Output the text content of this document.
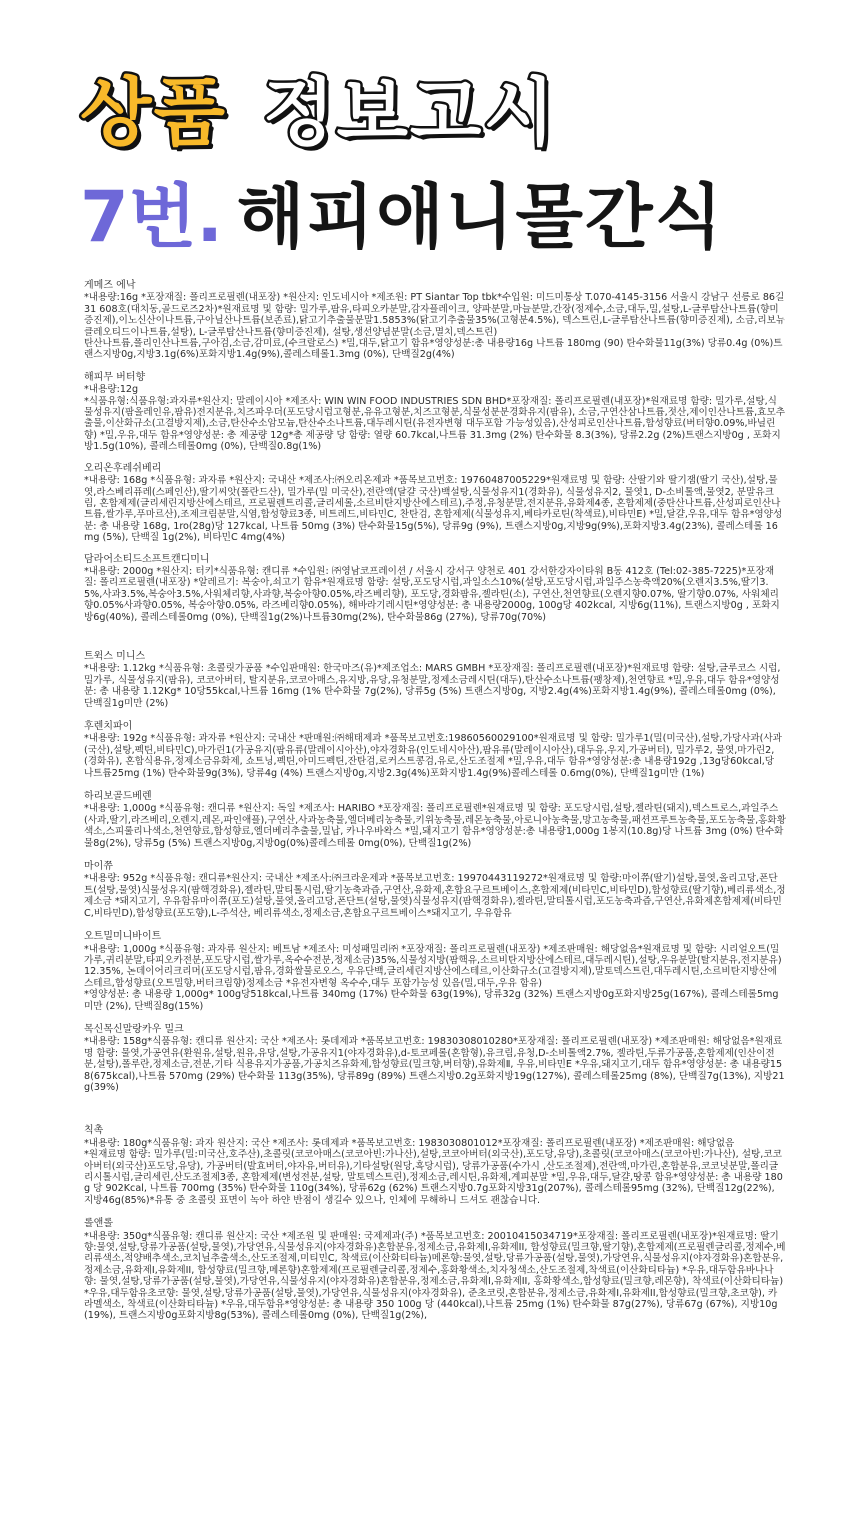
상품 정보고시
7번. 해피애니몰간식
게메즈 에낙
*내용량:16g *포장재질: 폴리프로필렌(내포장) *원산지: 인도네시아 *제조원: PT Siantar Top tbk*수입원: 미드미통상 T.070-4145-3156 서울시 강남구 선릉로 86길 31 608호(대치동,골드로즈2차)*원재료명 및 함량: 밀가루,팜유,타피오카분말,감자플레이크, 양파분말,마늘분말,간장(정제수,소금,대두,밀,설탕,L-글루탐산나트륨(향미증진제),이노신산이나트륨,구아닐산나트륨(보존료),닭고기추출물분말1.5853%(닭고기추출물35%(고형분4.5%), 덱스트린,L-글루탐산나트륨(향미증진제), 소금,리보뉴클레오티드이나트륨,설탕), L-글루탐산나트륨(향미증진제), 설탕,생선양념분말(소금,멸치,덱스트린)
탄산나트륨,폴리인산나트륨,구아검,소금,감미료,(수크랄로스) *밀,대두,닭고기 함유*영양성분:총 내용량16g 나트륨 180mg (90) 탄수화물11g(3%) 당류0.4g (0%)트랜스지방0g,지방3.1g(6%)포화지방1.4g(9%),콜레스테롤1.3mg (0%), 단백질2g(4%)
해피무 버터향
*내용량:12g
*식품유형:식품유형:과자류*원산지: 말레이시아 *제조사: WIN WIN FOOD INDUSTRIES SDN BHD*포장재질: 폴리프로필렌(내포장)*원재료명 함량: 밀가루,설탕,식물성유지(팜올레인유,팜유)전지분유,치즈파우더(포도당시럽고형분,유유고형분,치즈고형분,식물성분분경화유지(팜유), 소금,구연산삼나트륨,젓산,제이인산나트륨,효모추출물,이산화규소(고결방지제),소금,탄산수소암모늄,탄산수소나트륨,대두레시틴(유전자변형 대두포함 가능성있음),산성피로인산나트륨,합성향료(버터향0.09%,바닐린향) *밀,우유,대두 함유*영양성분: 총 제공량 12g*총 제공량 당 함량: 열량 60.7kcal,나트륨 31.3mg (2%) 탄수화물 8.3(3%), 당류2.2g (2%)트랜스지방0g , 포화지방1.5g(10%), 콜레스테롤0mg (0%), 단백질0.8g(1%)
오리온후레쉬베리
*내용량: 168g *식품유형: 과자류 *원산지: 국내산 *제조사:㈜오리온제과 *품목보고번호: 19760487005229*원재료명 및 함량: 산딸기와 딸기잼(딸기 국산),설탕,물엿,라스베리퓨레(스페인산),딸기씨앗(폴란드산), 밀가루(밀 미국산),전란액(달걀 국산)백설탕,식물성유지1(경화유), 식물성유지2, 물엿1, D-소비톨액,물엿2, 분말유크림, 혼합제제(글리세린지방산에스테르, 프로필렌트리콜,글리세롤,소르비탄지방산에스테르),주정,유청분말,전지분유,유화제4종, 혼합제제(중탄산나트륨,산성피로인산나트륨,쌀가루,푸마르산),조제크림분말,식염,합성향료3종, 비트레드,비타민C, 찬탄검, 혼합제제(식물성유지,베타카로틴(착색료),비타민E) *밀,달걀,우유,대두 함유*영양성분: 총 내용량 168g, 1ro(28g)당 127kcal, 나트륨 50mg (3%) 탄수화물15g(5%), 당류9g (9%), 트랜스지방0g,지방9g(9%),포화지방3.4g(23%), 콜레스테롤 16mg (5%), 단백질 1g(2%), 비타민C 4mg(4%)
담라어소티드소프트캔디미니
*내용량: 2000g *원산지: 터키*식품유형: 캔디류 *수입원: ㈜영남코프레이션 / 서울시 강서구 양천로 401 강서한강자이타워 B동 412호 (Tel:02-385-7225)*포장재질: 폴리프로필렌(내포장) *알레르기: 복숭아,쇠고기 함유*원재료명 함량: 설탕,포도당시럽,과일소스10%(설탕,포도당시럽,과일주스농축액20%(오렌지3.5%,딸기3.5%,사과3.5%,복숭아3.5%,사워체리향,사과향,복숭아향0.05%,라즈베리향), 포도당,경화팜유,젤라틴(소), 구연산,천연향료(오렌지향0.07%, 딸기향0.07%, 사워체리향0.05%사과향0.05%, 복숭아향0.05%, 라즈베리향0.05%), 해바라기레시틴*영양성분: 총 내용량2000g, 100g당 402kcal, 지방6g(11%), 트랜스지방0g , 포화지방6g(40%), 콜레스테롤0mg (0%), 단백질1g(2%)나트륨30mg(2%), 탄수화물86g (27%), 당류70g(70%)
트윅스 미니스
*내용량: 1.12kg *식품유형: 초콜릿가공품 *수입판매원: 한국마즈(유)*제조업소: MARS GMBH *포장재질: 폴리프로필렌(내포장)*원재료명 함량: 설탕,글루코스 시럽, 밀가루, 식물성유지(팜유), 코코아버터, 탈지분유,코코아매스,유지방,유당,유청분말,정제소금레시틴(대두),탄산수소나트륨(팽창제),천연향료 *밀,우유,대두 함유*영양성분: 총 내용량 1.12Kg* 10당55kcal,나트륨 16mg (1% 탄수화물 7g(2%), 당류5g (5%) 트랜스지방0g, 지방2.4g(4%)포화지방1.4g(9%), 콜레스테롤0mg (0%), 단백질1g미만 (2%)
후렌치파이
*내용량: 192g *식품유형: 과자류 *원산지: 국내산 *판매원:㈜해태제과 *품목보고번호:19860560029100*원재료명 및 함량: 밀가루1(밀(미국산),설탕,가당사과(사과(국산),설탕,펙틴,비타민C),마가린1(가공유지(팜유류(말레이시아산),야자경화유(인도네시아산),팜유류(말레이시아산),대두유,우지,가공버터), 밀가루2, 물엿,마가린2, (경화유), 혼합식용유,정제소금유화제, 쇼트닝,펙틴,아미드펙틴,잔탄검,로커스트콩검,유로,산도조절제 *밀,우유,대두 함유*영양성분:총 내용량192g ,13g당60kcal,당 나트륨25mg (1%) 탄수화물9g(3%), 당류4g (4%) 트랜스지방0g,지방2.3g(4%)포화지방1.4g(9%)콜레스테롤 0.6mg(0%), 단백질1g미만 (1%)
하리보골드베렌
*내용량: 1,000g *식품유형: 캔디류 *원산지: 독일 *제조사: HARIBO *포장재질: 폴리프로필렌*원재료명 및 함량: 포도당시럽,설탕,젤라틴(돼지),덱스트로스,과일주스(사과,딸기,라즈베리,오렌지,레몬,파인애플),구연산,사과농축물,엘더베리농축물,키위농축물,레몬농축물,아로니아농축물,망고농축물,패션프루트농축물,포도농축물,홍화황색소,스피룰리나색소,천연향료,합성향료,엘더베리추출물,밀납, 카나우바왁스 *밀,돼지고기 함유*영양성분:총 내용량1,000g 1봉지(10.8g)당 나트륨 3mg (0%) 탄수화물8g(2%), 당류5g (5%) 트랜스지방0g,지방0g(0%)콜레스테롤 0mg(0%), 단백질1g(2%)
마이쮸
*내용량: 952g *식품유형: 캔디류*원산지: 국내산 *제조사:㈜크라운제과 *품목보고번호: 19970443119272*원재료명 및 함량:마이쮸(딸기)설탕,물엿,올리고당,폰단트(설탕,물엿)식물성유지(팜핵경화유),젤라틴,말티톨시럽,딸기농축과즙,구연산,유화제,혼합요구르트베이스,혼합제제(비타민C,비타민D),합성향료(딸기향),베리류색소,정제소금 *돼지고기, 우유함유마이쮸(포도)설탕,물엿,올리고당,폰단트(설탕,물엿)식물성유지(팜핵경화유),젤라틴,말티톨시럽,포도농축과즙,구연산,유화제혼합제제(비타민C,비타민D),합성향료(포도향),L-주석산, 베리류색소,정제소금,혼합요구르트베이스*돼지고기, 우유함유
오트밀미니바이트
*내용량: 1,000g *식품유형: 과자류 원산지: 베트남 *제조사: 미성패밀리㈜ *포장재질: 폴리프로필렌(내포장) *제조판매원: 해당없음*원재료명 및 함량: 시리얼오트(밀가루,귀리분말,타피오카전분,포도당시럽,쌀가루,옥수수전분,정제소금)35%,식물성지방(팜핵유,소르비탄지방산에스테르,대두레시틴),설탕,우유분말(탈지분유,전지분유)12.35%, 논데이어리크리머(포도당시럽,팜유,경화쌀물로오스, 우유단백,글리세린지방산에스테르,이산화규소(고결방지제),말토덱스트린,대두레시틴,소르비탄지방산에스테르,합성향료(오트밀향,버터크림향)정제소금 *유전자변형 옥수수,대두 포함가능성 있음(밀,대두,우유 함유)
*영양성분: 총 내용량 1,000g* 100g당518kcal,나트륨 340mg (17%) 탄수화물 63g(19%), 당류32g (32%) 트랜스지방0g포화지방25g(167%), 콜레스테롤5mg미만 (2%), 단백질8g(15%)
목신목신말랑카우 밀크
*내용량: 158g*식품유형: 캔디류 원산지: 국산 *제조사: 롯데제과 *품목보고번호: 19830308010280*포장재질: 폴리프로필렌(내포장) *제조판매원: 해당없음*원재료명 함량: 물엿,가공연유(환원유,설탕,원유,유당,설탕,가공유지1(야자경화유),d-토코페롤(혼합형),유크림,유청,D-소비톨액2.7%, 젤라틴,두류가공품,혼합제제(인산이전분,설탕),폴루란,정제소금,전분,기타 식용유지가공품,가공치즈유화제,합성향료(밀크향,버터향),유화제Ⅱ, 우유,비타민E *우유,돼지고기,대두 함유*영양성분: 총 내용량158(675kcal),나트륨 570mg (29%) 탄수화물 113g(35%), 당류89g (89%) 트랜스지방0.2g포화지방19g(127%), 콜레스테롤25mg (8%), 단백질7g(13%), 지방21g(39%)
칙촉
*내용량: 180g*식품유형: 과자 원산지: 국산 *제조사: 롯데제과 *품목보고번호: 1983030801012*포장재질: 폴리프로필렌(내포장) *제조판매원: 해당없음
*원재료명 함량: 밀가루(밀:미국산,호주산),초콜릿(코코아매스(코코아빈:가나산),설탕,코코아버터(외국산),포도당,유당),초콜릿(코코아매스(코코아빈:가나산), 설탕,코코아버터(외국산)포도당,유당), 가공버터(발효버터,야자유,버터유),기타설탕(원당,흑당시럽), 당류가공품(수가시 ,산도조절제),전란액,마가린,혼합분유,코코넛분말,폴리글리시톨시럽,글리세린,산도조절제3종, 혼합제제(변성전분,설탕, 말토덱스트린),정제소금,레시틴,유화제,계피분말 *밀,우유,대두,달걀,땅콩 함유*영양성분: 총 내용량 180g 당 902Kcal, 나트륨 700mg (35%) 탄수화물 110g(34%), 당류62g (62%) 트랜스지방0.7g포화지방31g(207%), 콜레스테롤95mg (32%), 단백질12g(22%), 지방46g(85%)*유통 중 초콜릿 표면이 녹아 하얀 반점이 생길수 있으나, 인체에 무해하니 드셔도 괜찮습니다.
롤앤롤
*내용량: 350g*식품유형: 캔디류 원산지: 국산 *제조원 및 판매원: 국제제과(주) *품목보고번호: 20010415034719*포장재질: 폴리프로필렌(내포장)*원재료명: 딸기향:물엿,설탕,당류가공품(설탕,물엿),가당연유,식물성유지(야자경화유)혼합분유,정제소금,유화제I,유화제II, 합성향료(밀크향,딸기향),혼합제제(프로필렌글리콜,정제수,베리류색소,적양배추색소,코치닐추출색소,산도조절제,미티민C, 착색료(이산화티타늄)메론향:물엿,설탕,당류가공품(설탕,물엿),가당연유,식물성유지(야자경화유)혼합분유,정제소금,유화제I,유화제II, 합성향료(밀크향,메론향)혼합제제(프로필렌글리콜,정제수,홍화황색소,치자청색소,산도조절제,착색료(이산화티타늄) *우유,대두함유바나나향: 물엿,설탕,당류가공품(설탕,물엿),가당연유,식물성유지(야자경화유)혼합분유,정제소금,유화제I,유화제II, 홍화황색소,합성향료(밀크향,레몬향), 착색료(이산화티타늄) *우유,대두함유초코향: 물엿,설탕,당류가공품(설탕,물엿),가당연유,식물성유지(야자경화유), 준초코릿,혼합분유,정제소금,유화제I,유화제II,합성향료(밀크향,초코향), 카라멜색소, 착색료(이산화티타늄) *우유,대두함유*영양성분: 총 내용량 350 100g 당 (440kcal),나트륨 25mg (1%) 탄수화물 87g(27%), 당류67g (67%), 지방10g(19%), 트랜스지방0g포화지방8g(53%), 콜레스테롤0mg (0%), 단백질1g(2%),
